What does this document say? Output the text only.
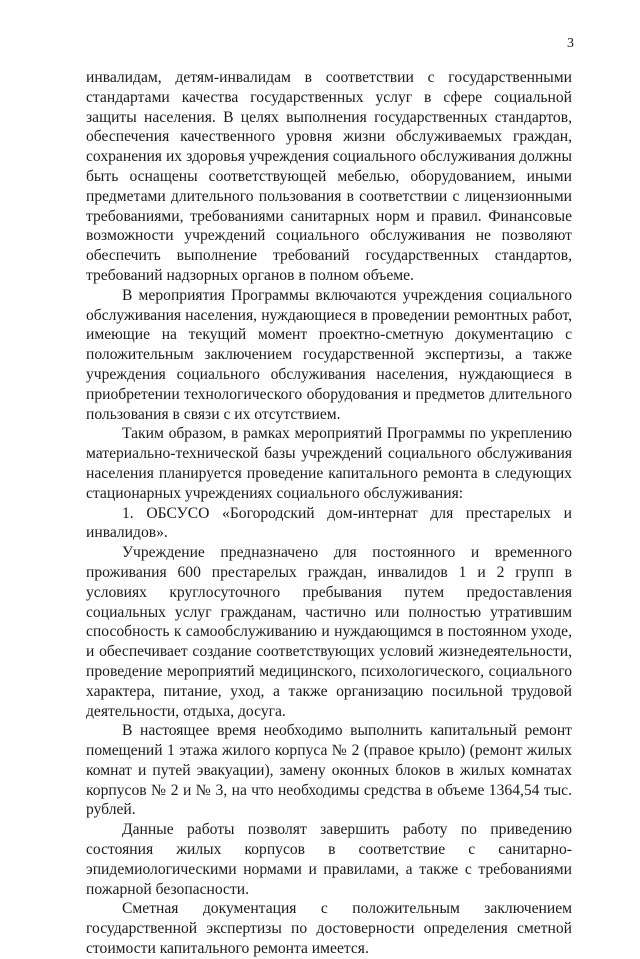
3

инвалидам, детям-инвалидам в соответствии с государственными стандартами качества государственных услуг в сфере социальной защиты населения. В целях выполнения государственных стандартов, обеспечения качественного уровня жизни обслуживаемых граждан, сохранения их здоровья учреждения социального обслуживания должны быть оснащены соответствующей мебелью, оборудованием, иными предметами длительного пользования в соответствии с лицензионными требованиями, требованиями санитарных норм и правил. Финансовые возможности учреждений социального обслуживания не позволяют обеспечить выполнение требований государственных стандартов, требований надзорных органов в полном объеме.

В мероприятия Программы включаются учреждения социального обслуживания населения, нуждающиеся в проведении ремонтных работ, имеющие на текущий момент проектно-сметную документацию с положительным заключением государственной экспертизы, а также учреждения социального обслуживания населения, нуждающиеся в приобретении технологического оборудования и предметов длительного пользования в связи с их отсутствием.

Таким образом, в рамках мероприятий Программы по укреплению материально-технической базы учреждений социального обслуживания населения планируется проведение капитального ремонта в следующих стационарных учреждениях социального обслуживания:

1. ОБСУСО «Богородский дом-интернат для престарелых и инвалидов».

Учреждение предназначено для постоянного и временного проживания 600 престарелых граждан, инвалидов 1 и 2 групп в условиях круглосуточного пребывания путем предоставления социальных услуг гражданам, частично или полностью утратившим способность к самообслуживанию и нуждающимся в постоянном уходе, и обеспечивает создание соответствующих условий жизнедеятельности, проведение мероприятий медицинского, психологического, социального характера, питание, уход, а также организацию посильной трудовой деятельности, отдыха, досуга.

В настоящее время необходимо выполнить капитальный ремонт помещений 1 этажа жилого корпуса № 2 (правое крыло) (ремонт жилых комнат и путей эвакуации), замену оконных блоков в жилых комнатах корпусов № 2 и № 3, на что необходимы средства в объеме 1364,54 тыс. рублей.

Данные работы позволят завершить работу по приведению состояния жилых корпусов в соответствие с санитарно-эпидемиологическими нормами и правилами, а также с требованиями пожарной безопасности.

Сметная документация с положительным заключением государственной экспертизы по достоверности определения сметной стоимости капитального ремонта имеется.
